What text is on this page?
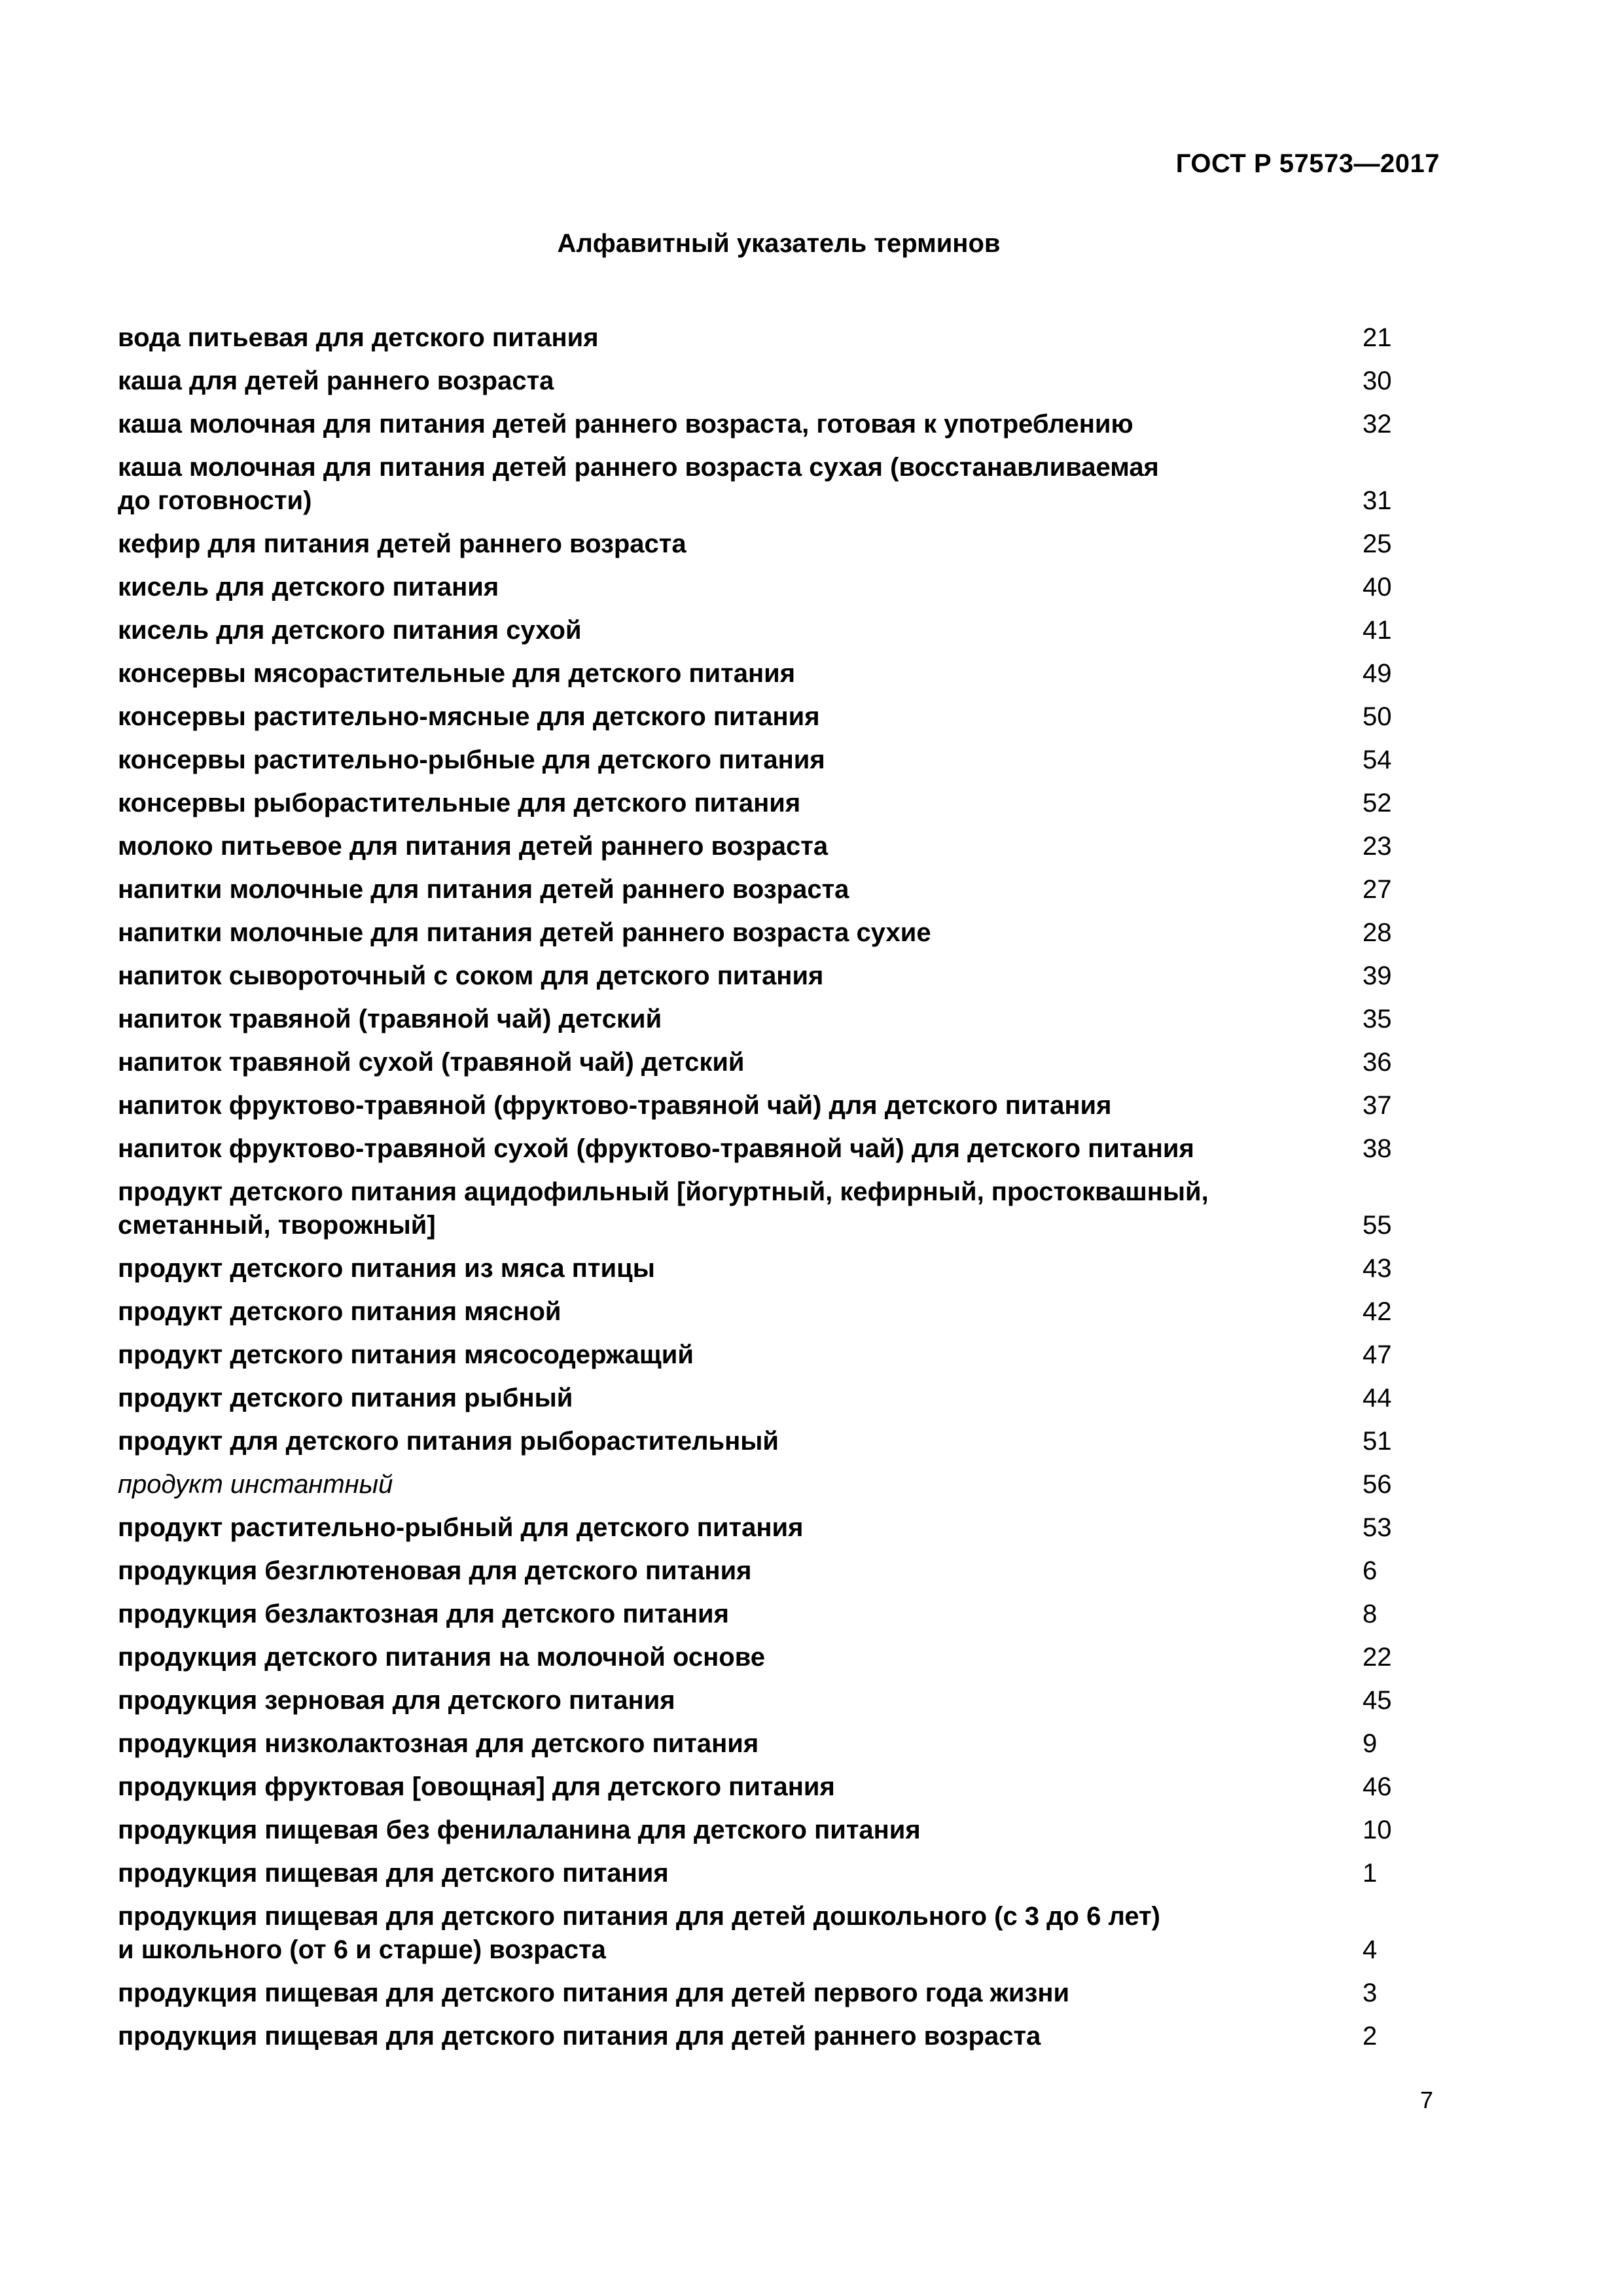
ГОСТ Р 57573—2017
Алфавитный указатель терминов
вода питьевая для детского питания	21
каша для детей раннего возраста	30
каша молочная для питания детей раннего возраста, готовая к употреблению	32
каша молочная для питания детей раннего возраста сухая (восстанавливаемая
до готовности)	31
кефир для питания детей раннего возраста	25
кисель для детского питания	40
кисель для детского питания сухой	41
консервы мясорастительные для детского питания	49
консервы растительно-мясные для детского питания	50
консервы растительно-рыбные для детского питания	54
консервы рыборастительные для детского питания	52
молоко питьевое для питания детей раннего возраста	23
напитки молочные для питания детей раннего возраста	27
напитки молочные для питания детей раннего возраста сухие	28
напиток сывороточный с соком для детского питания	39
напиток травяной (травяной чай) детский	35
напиток травяной сухой (травяной чай) детский	36
напиток фруктово-травяной (фруктово-травяной чай) для детского питания	37
напиток фруктово-травяной сухой (фруктово-травяной чай) для детского питания	38
продукт детского питания ацидофильный [йогуртный, кефирный, простоквашный,
сметанный, творожный]	55
продукт детского питания из мяса птицы	43
продукт детского питания мясной	42
продукт детского питания мясосодержащий	47
продукт детского питания рыбный	44
продукт для детского питания рыборастительный	51
продукт инстантный	56
продукт растительно-рыбный для детского питания	53
продукция безглютеновая для детского питания	6
продукция безлактозная для детского питания	8
продукция детского питания на молочной основе	22
продукция зерновая для детского питания	45
продукция низколактозная для детского питания	9
продукция фруктовая [овощная] для детского питания	46
продукция пищевая без фенилаланина для детского питания	10
продукция пищевая для детского питания	1
продукция пищевая для детского питания для детей дошкольного (с 3 до 6 лет)
и школьного (от 6 и старше) возраста	4
продукция пищевая для детского питания для детей первого года жизни	3
продукция пищевая для детского питания для детей раннего возраста	2
7
